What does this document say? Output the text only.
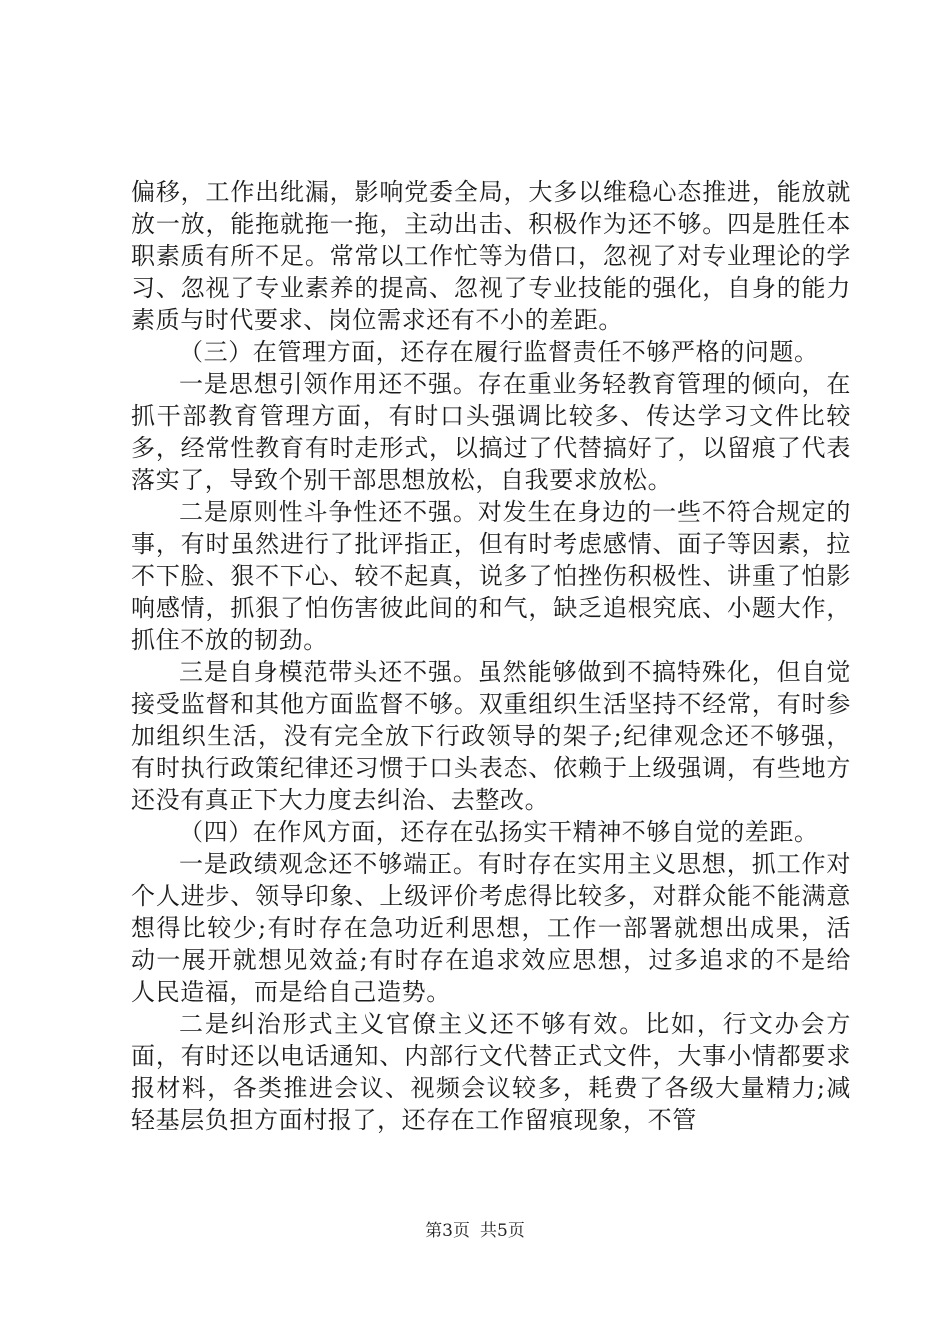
偏移，工作出纰漏，影响党委全局，大多以维稳心态推进，能放就放一放，能拖就拖一拖，主动出击、积极作为还不够。四是胜任本职素质有所不足。常常以工作忙等为借口，忽视了对专业理论的学习、忽视了专业素养的提高、忽视了专业技能的强化，自身的能力素质与时代要求、岗位需求还有不小的差距。

（三）在管理方面，还存在履行监督责任不够严格的问题。

一是思想引领作用还不强。存在重业务轻教育管理的倾向，在抓干部教育管理方面，有时口头强调比较多、传达学习文件比较多，经常性教育有时走形式，以搞过了代替搞好了，以留痕了代表落实了，导致个别干部思想放松，自我要求放松。

二是原则性斗争性还不强。对发生在身边的一些不符合规定的事，有时虽然进行了批评指正，但有时考虑感情、面子等因素，拉不下脸、狠不下心、较不起真，说多了怕挫伤积极性、讲重了怕影响感情，抓狠了怕伤害彼此间的和气，缺乏追根究底、小题大作，抓住不放的韧劲。

三是自身模范带头还不强。虽然能够做到不搞特殊化，但自觉接受监督和其他方面监督不够。双重组织生活坚持不经常，有时参加组织生活，没有完全放下行政领导的架子;纪律观念还不够强，有时执行政策纪律还习惯于口头表态、依赖于上级强调，有些地方还没有真正下大力度去纠治、去整改。

（四）在作风方面，还存在弘扬实干精神不够自觉的差距。

一是政绩观念还不够端正。有时存在实用主义思想，抓工作对个人进步、领导印象、上级评价考虑得比较多，对群众能不能满意想得比较少;有时存在急功近利思想，工作一部署就想出成果，活动一展开就想见效益;有时存在追求效应思想，过多追求的不是给人民造福，而是给自己造势。

二是纠治形式主义官僚主义还不够有效。比如，行文办会方面，有时还以电话通知、内部行文代替正式文件，大事小情都要求报材料，各类推进会议、视频会议较多，耗费了各级大量精力;减轻基层负担方面村报了，还存在工作留痕现象，不管

第3页 共5页
